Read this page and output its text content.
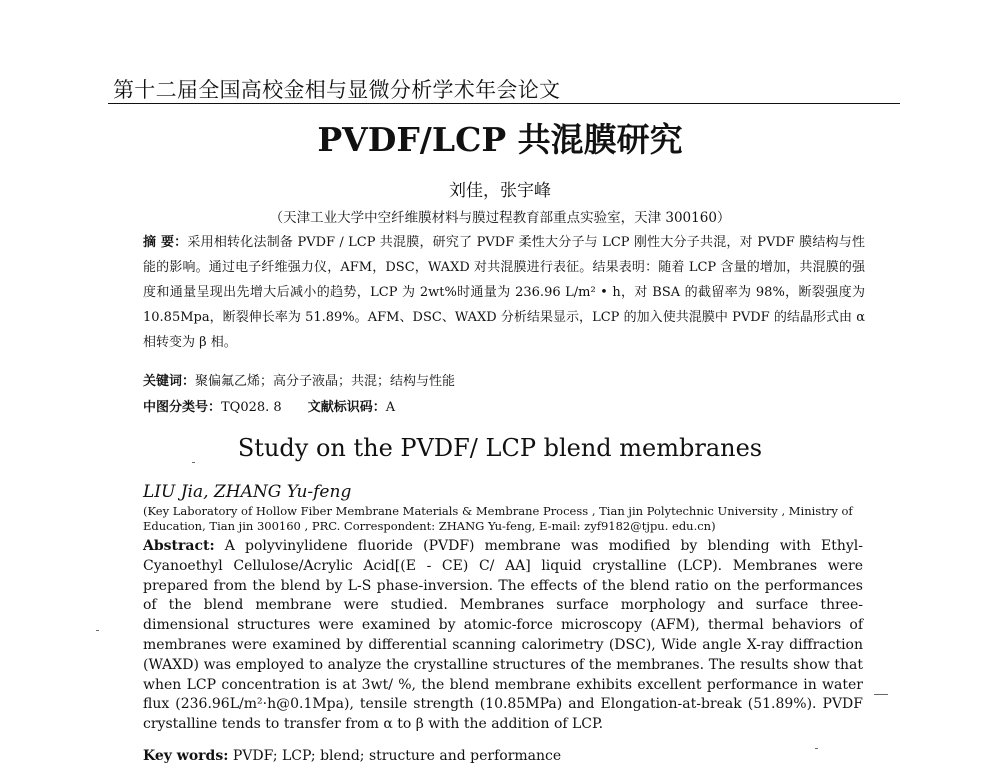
第十二届全国高校金相与显微分析学术年会论文
PVDF/LCP 共混膜研究
刘佳，张宇峰
（天津工业大学中空纤维膜材料与膜过程教育部重点实验室，天津 300160）
摘 要：采用相转化法制备 PVDF / LCP 共混膜，研究了 PVDF 柔性大分子与 LCP 刚性大分子共混，对 PVDF 膜结构与性能的影响。通过电子纤维强力仪，AFM，DSC，WAXD 对共混膜进行表征。结果表明：随着 LCP 含量的增加，共混膜的强度和通量呈现出先增大后减小的趋势，LCP 为 2wt%时通量为 236.96 L/m² • h，对 BSA 的截留率为 98%，断裂强度为 10.85Mpa，断裂伸长率为 51.89%。AFM、DSC、WAXD 分析结果显示，LCP 的加入使共混膜中 PVDF 的结晶形式由 α 相转变为 β 相。
关键词：聚偏氟乙烯；高分子液晶；共混；结构与性能
中图分类号：TQ028. 8 文献标识码：A
Study on the PVDF/ LCP blend membranes
LIU Jia, ZHANG Yu-feng
(Key Laboratory of Hollow Fiber Membrane Materials & Membrane Process , Tian jin Polytechnic University , Ministry of Education, Tian jin 300160 , PRC. Correspondent: ZHANG Yu-feng, E-mail: zyf9182@tjpu. edu.cn)
Abstract: A polyvinylidene fluoride (PVDF) membrane was modified by blending with Ethyl-Cyanoethyl Cellulose/Acrylic Acid[(E - CE) C/ AA] liquid crystalline (LCP). Membranes were prepared from the blend by L-S phase-inversion. The effects of the blend ratio on the performances of the blend membrane were studied. Membranes surface morphology and surface three-dimensional structures were examined by atomic-force microscopy (AFM), thermal behaviors of membranes were examined by differential scanning calorimetry (DSC), Wide angle X-ray diffraction (WAXD) was employed to analyze the crystalline structures of the membranes. The results show that when LCP concentration is at 3wt/ %, the blend membrane exhibits excellent performance in water flux (236.96L/m²·h@0.1Mpa), tensile strength (10.85MPa) and Elongation-at-break (51.89%). PVDF crystalline tends to transfer from α to β with the addition of LCP.
Key words: PVDF; LCP; blend; structure and performance
